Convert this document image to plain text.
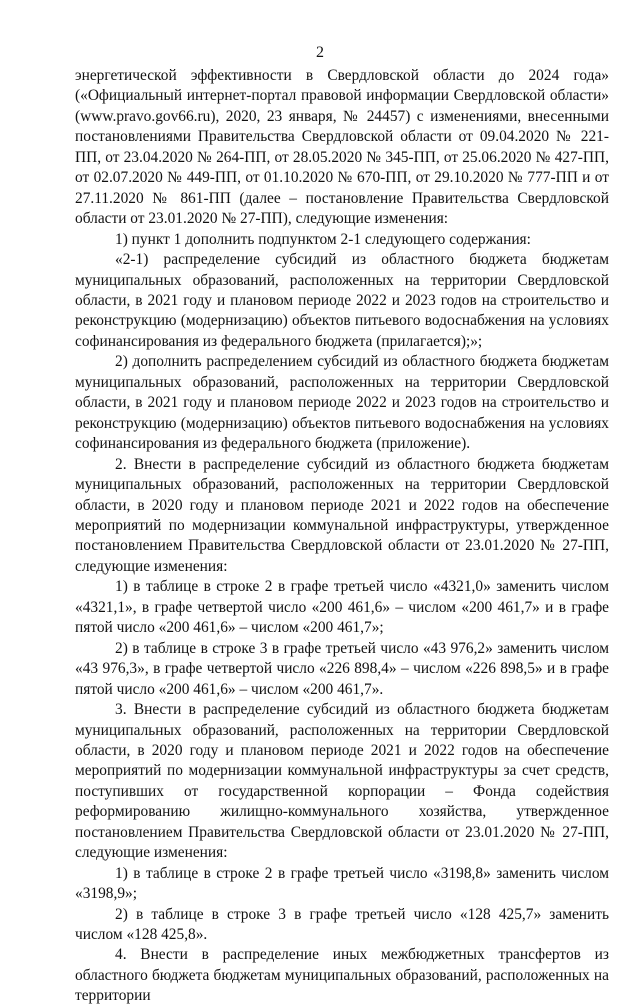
2

энергетической эффективности в Свердловской области до 2024 года» («Официальный интернет-портал правовой информации Свердловской области» (www.pravo.gov66.ru), 2020, 23 января, № 24457) с изменениями, внесенными постановлениями Правительства Свердловской области от 09.04.2020 № 221-ПП, от 23.04.2020 № 264-ПП, от 28.05.2020 № 345-ПП, от 25.06.2020 № 427-ПП, от 02.07.2020 № 449-ПП, от 01.10.2020 № 670-ПП, от 29.10.2020 № 777-ПП и от 27.11.2020 № 861-ПП (далее – постановление Правительства Свердловской области от 23.01.2020 № 27-ПП), следующие изменения:

1) пункт 1 дополнить подпунктом 2-1 следующего содержания:

«2-1) распределение субсидий из областного бюджета бюджетам муниципальных образований, расположенных на территории Свердловской области, в 2021 году и плановом периоде 2022 и 2023 годов на строительство и реконструкцию (модернизацию) объектов питьевого водоснабжения на условиях софинансирования из федерального бюджета (прилагается);»;

2) дополнить распределением субсидий из областного бюджета бюджетам муниципальных образований, расположенных на территории Свердловской области, в 2021 году и плановом периоде 2022 и 2023 годов на строительство и реконструкцию (модернизацию) объектов питьевого водоснабжения на условиях софинансирования из федерального бюджета (приложение).

2. Внести в распределение субсидий из областного бюджета бюджетам муниципальных образований, расположенных на территории Свердловской области, в 2020 году и плановом периоде 2021 и 2022 годов на обеспечение мероприятий по модернизации коммунальной инфраструктуры, утвержденное постановлением Правительства Свердловской области от 23.01.2020 № 27-ПП, следующие изменения:

1) в таблице в строке 2 в графе третьей число «4321,0» заменить числом «4321,1», в графе четвертой число «200 461,6» – числом «200 461,7» и в графе пятой число «200 461,6» – числом «200 461,7»;

2) в таблице в строке 3 в графе третьей число «43 976,2» заменить числом «43 976,3», в графе четвертой число «226 898,4» – числом «226 898,5» и в графе пятой число «200 461,6» – числом «200 461,7».

3. Внести в распределение субсидий из областного бюджета бюджетам муниципальных образований, расположенных на территории Свердловской области, в 2020 году и плановом периоде 2021 и 2022 годов на обеспечение мероприятий по модернизации коммунальной инфраструктуры за счет средств, поступивших от государственной корпорации – Фонда содействия реформированию жилищно-коммунального хозяйства, утвержденное постановлением Правительства Свердловской области от 23.01.2020 № 27-ПП, следующие изменения:

1) в таблице в строке 2 в графе третьей число «3198,8» заменить числом «3198,9»;

2) в таблице в строке 3 в графе третьей число «128 425,7» заменить числом «128 425,8».

4. Внести в распределение иных межбюджетных трансфертов из областного бюджета бюджетам муниципальных образований, расположенных на территории
